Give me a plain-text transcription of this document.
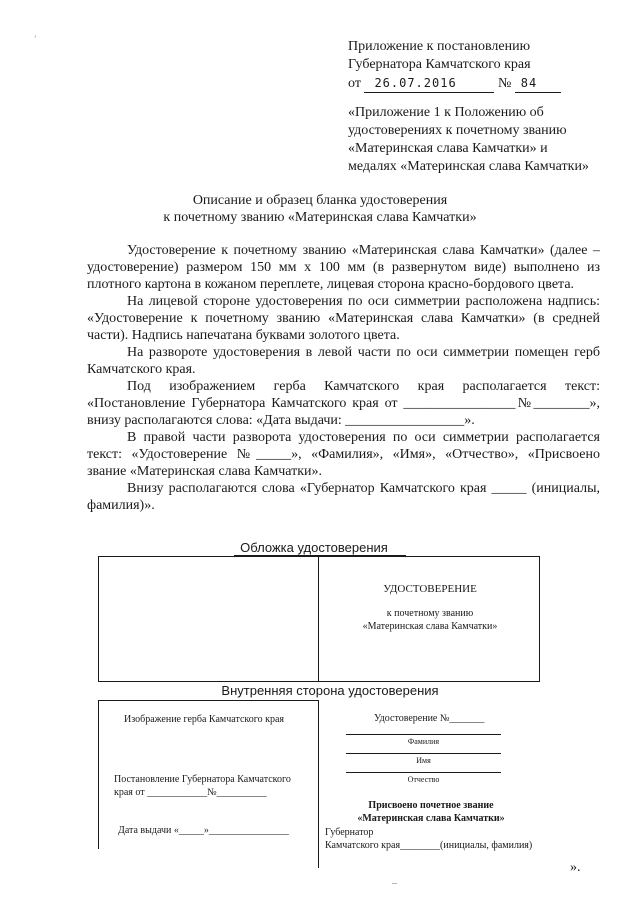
ʼ
Приложение к постановлению
Губернатора Камчатского края
от 26.07.2016	№ 84
«Приложение 1 к Положению об удостоверениях к почетному званию «Материнская слава Камчатки» и медалях «Материнская слава Камчатки»
Описание и образец бланка удостоверения
к почетному званию «Материнская слава Камчатки»

Удостоверение к почетному званию «Материнская слава Камчатки» (далее – удостоверение) размером 150 мм х 100 мм (в развернутом виде) выполнено из плотного картона в кожаном переплете, лицевая сторона красно-бордового цвета.

На лицевой стороне удостоверения по оси симметрии расположена надпись: «Удостоверение к почетному званию «Материнская слава Камчатки» (в средней части). Надпись напечатана буквами золотого цвета.

На развороте удостоверения в левой части по оси симметрии помещен герб Камчатского края.

Под изображением герба Камчатского края располагается текст: «Постановление Губернатора Камчатского края от ________________№________», внизу располагаются слова: «Дата выдачи: _________________».

В правой части разворота удостоверения по оси симметрии располагается текст: «Удостоверение №_____», «Фамилия», «Имя», «Отчество», «Присвоено звание «Материнская слава Камчатки».

Внизу располагаются слова «Губернатор Камчатского края _____ (инициалы, фамилия)».

Обложка удостоверения
УДОСТОВЕРЕНИЕ
к почетному званию
«Материнская слава Камчатки»
Внутренняя сторона удостоверения
Изображение герба Камчатского края
Постановление Губернатора Камчатского
края от ____________№__________
Дата выдачи «_____»________________
Удостоверение №_______
Фамилия
Имя
Отчество
Присвоено почетное звание
«Материнская слава Камчатки»
Губернатор
Камчатского края________(инициалы, фамилия)
».
–
